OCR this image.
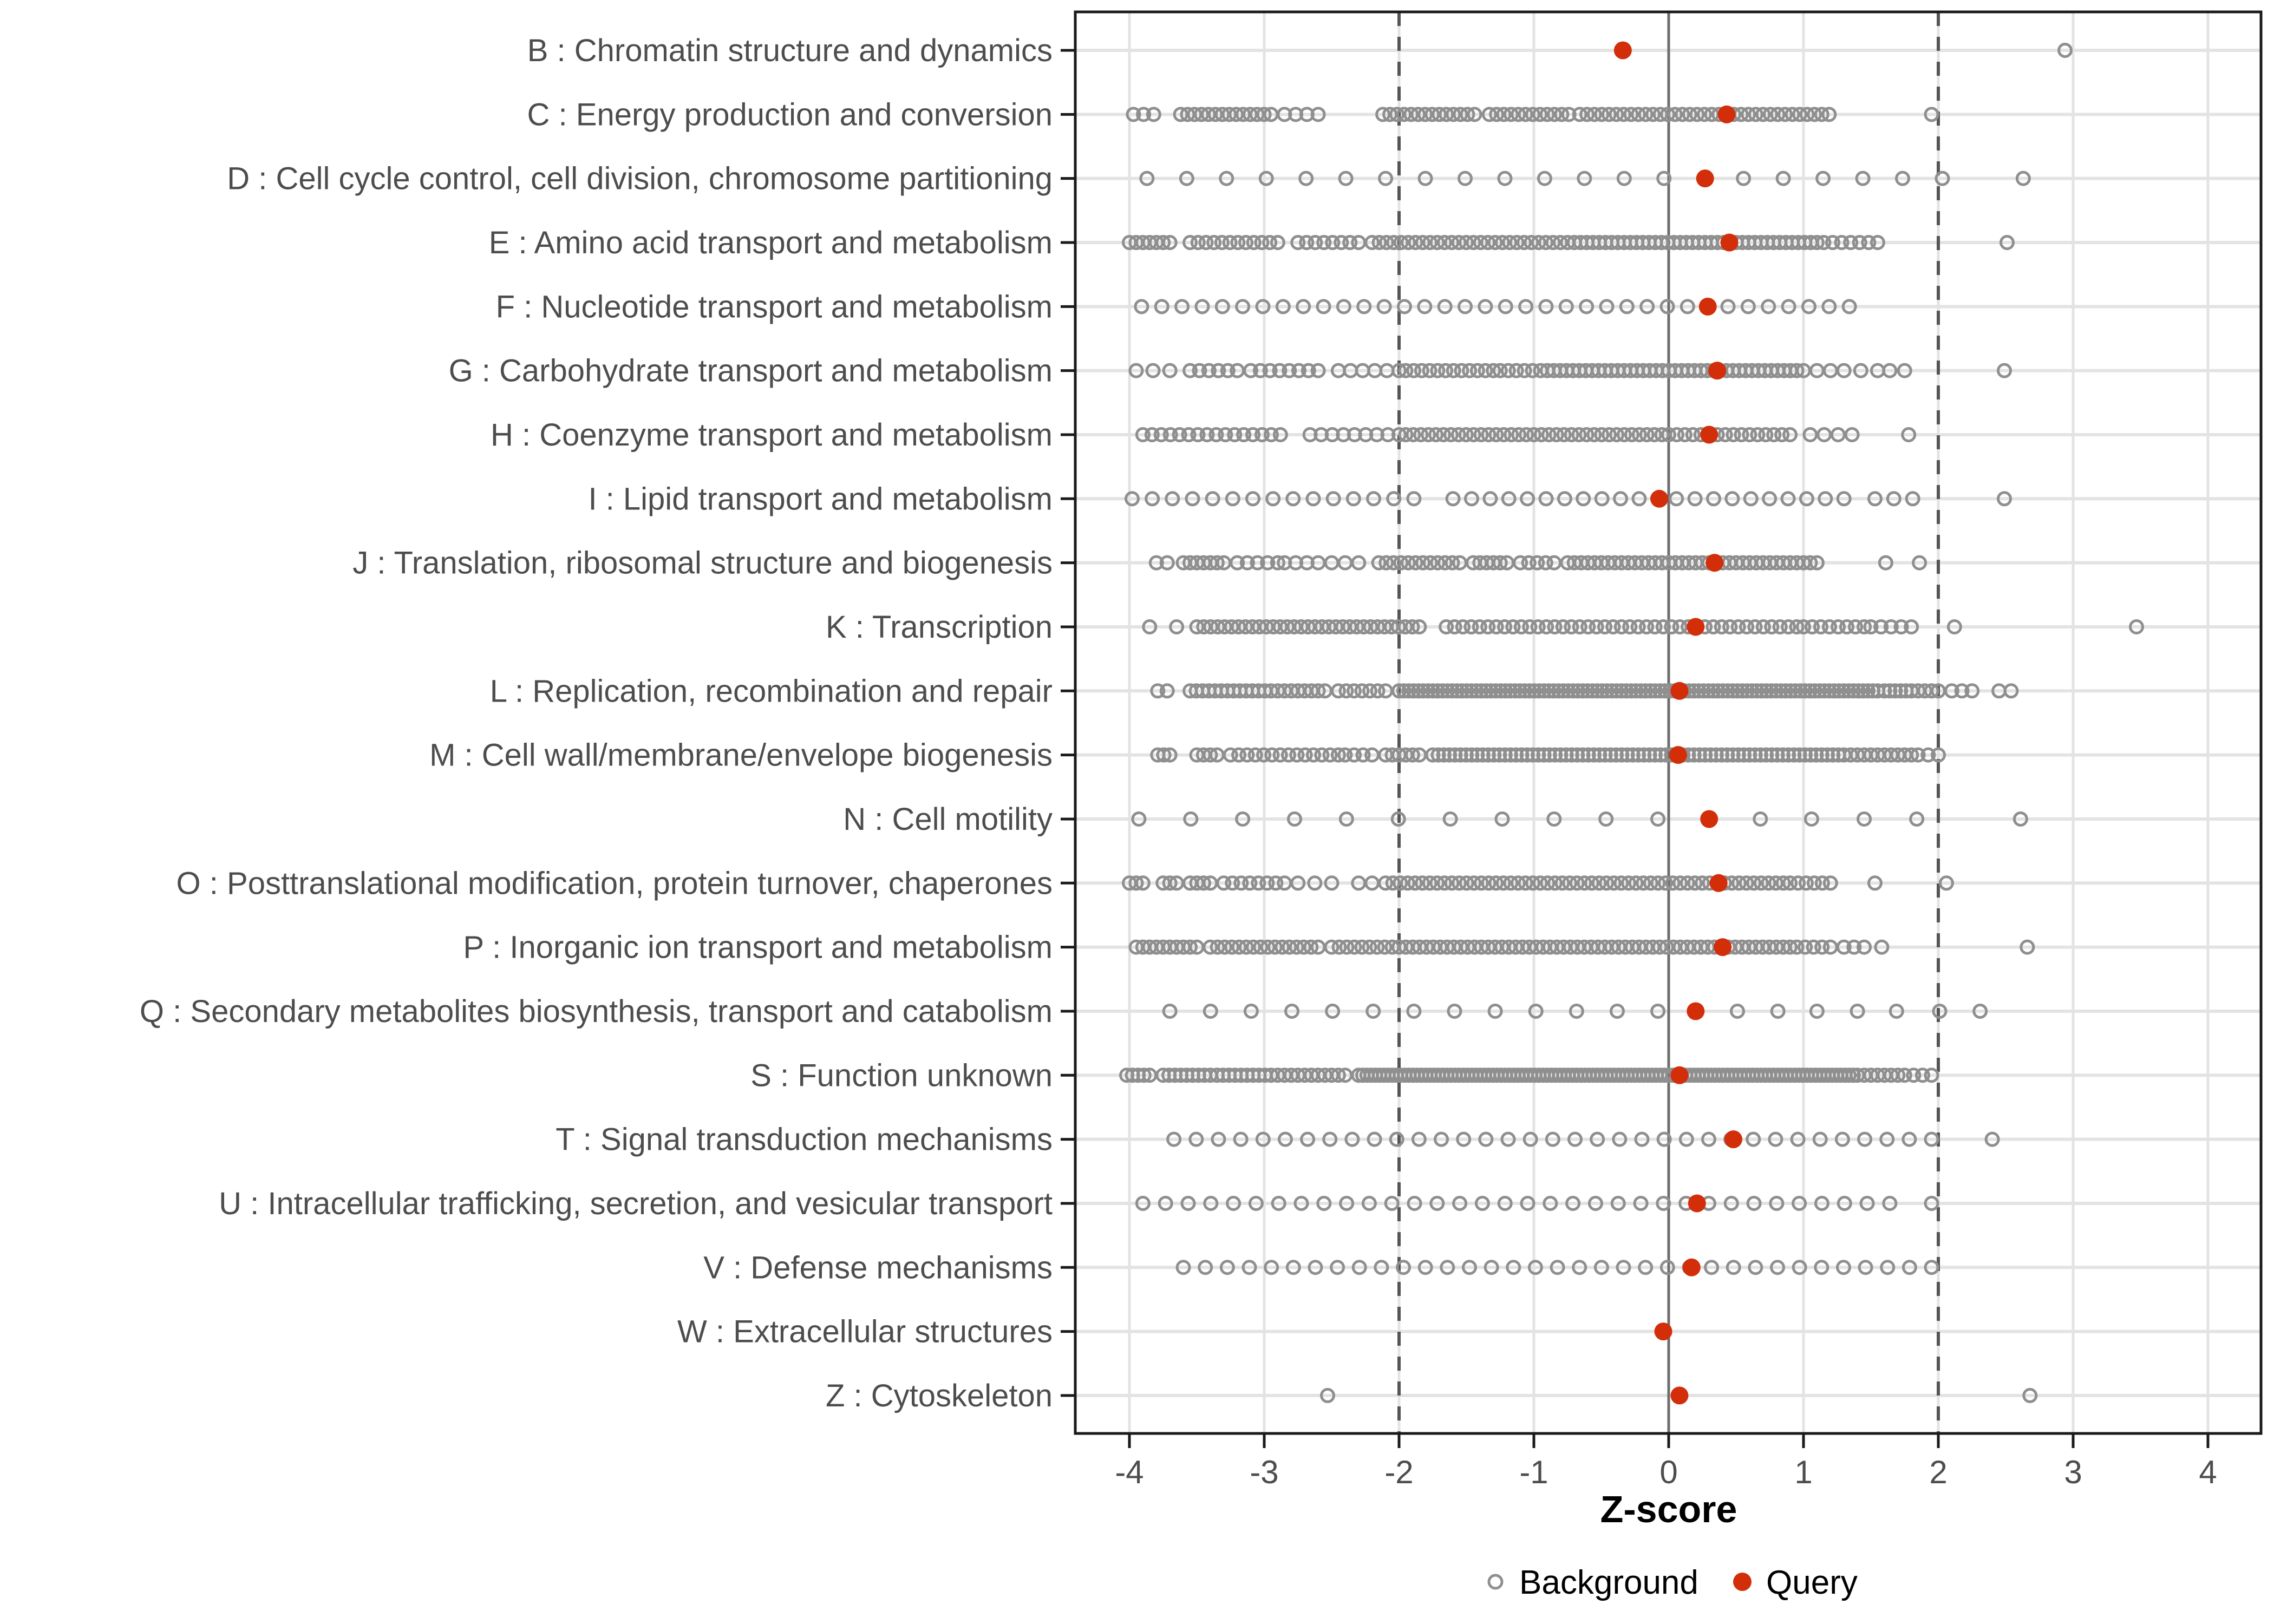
-4	-3	-2	-1	0	1	2	3	4
B : Chromatin structure and dynamics
C : Energy production and conversion
D : Cell cycle control, cell division, chromosome partitioning
E : Amino acid transport and metabolism
F : Nucleotide transport and metabolism
G : Carbohydrate transport and metabolism
H : Coenzyme transport and metabolism
I : Lipid transport and metabolism
J : Translation, ribosomal structure and biogenesis
K : Transcription
L : Replication, recombination and repair
M : Cell wall/membrane/envelope biogenesis
N : Cell motility
O : Posttranslational modification, protein turnover, chaperones
P : Inorganic ion transport and metabolism
Q : Secondary metabolites biosynthesis, transport and catabolism
S : Function unknown
T : Signal transduction mechanisms
U : Intracellular trafficking, secretion, and vesicular transport
V : Defense mechanisms
W : Extracellular structures
Z : Cytoskeleton
Z-score
Background Query
